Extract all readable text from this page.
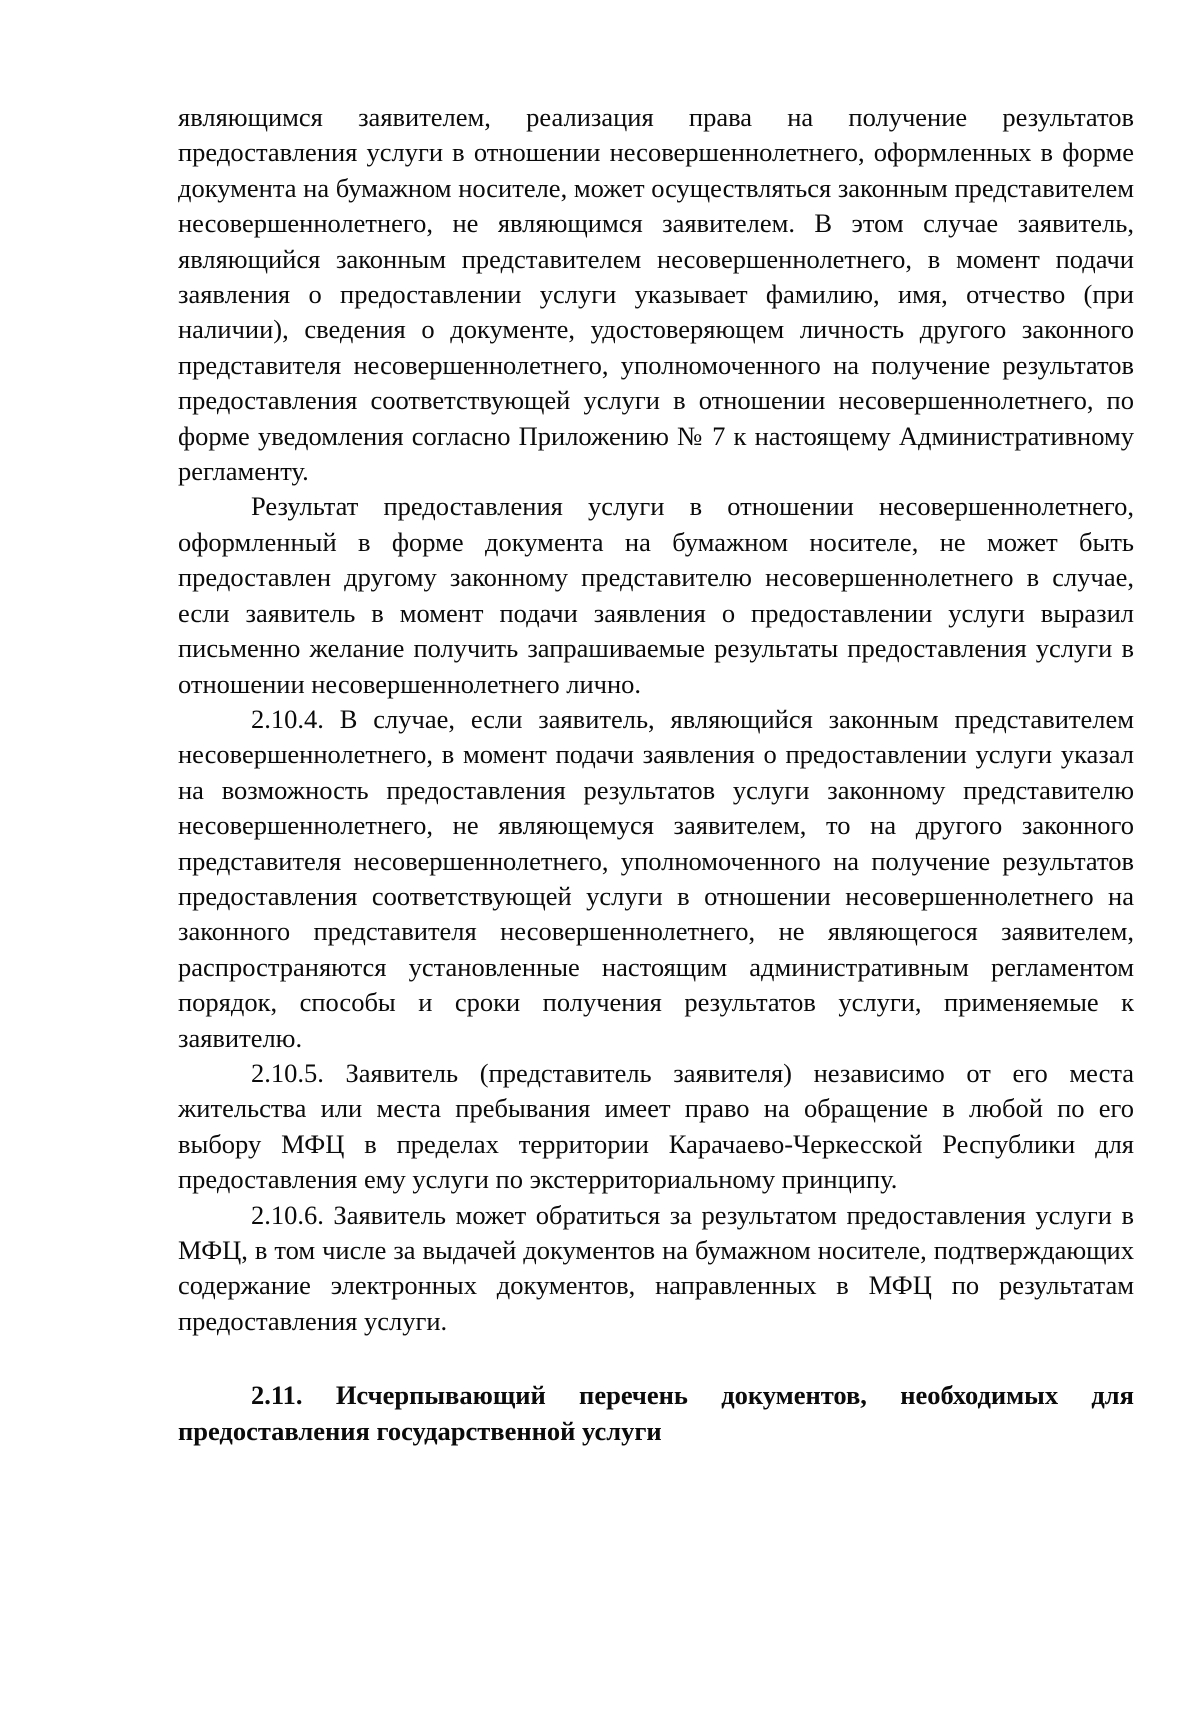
являющимся заявителем, реализация права на получение результатов предоставления услуги в отношении несовершеннолетнего, оформленных в форме документа на бумажном носителе, может осуществляться законным представителем несовершеннолетнего, не являющимся заявителем. В этом случае заявитель, являющийся законным представителем несовершеннолетнего, в момент подачи заявления о предоставлении услуги указывает фамилию, имя, отчество (при наличии), сведения о документе, удостоверяющем личность другого законного представителя несовершеннолетнего, уполномоченного на получение результатов предоставления соответствующей услуги в отношении несовершеннолетнего, по форме уведомления согласно Приложению № 7 к настоящему Административному регламенту.

Результат предоставления услуги в отношении несовершеннолетнего, оформленный в форме документа на бумажном носителе, не может быть предоставлен другому законному представителю несовершеннолетнего в случае, если заявитель в момент подачи заявления о предоставлении услуги выразил письменно желание получить запрашиваемые результаты предоставления услуги в отношении несовершеннолетнего лично.

2.10.4. В случае, если заявитель, являющийся законным представителем несовершеннолетнего, в момент подачи заявления о предоставлении услуги указал на возможность предоставления результатов услуги законному представителю несовершеннолетнего, не являющемуся заявителем, то на другого законного представителя несовершеннолетнего, уполномоченного на получение результатов предоставления соответствующей услуги в отношении несовершеннолетнего на законного представителя несовершеннолетнего, не являющегося заявителем, распространяются установленные настоящим административным регламентом порядок, способы и сроки получения результатов услуги, применяемые к заявителю.

2.10.5. Заявитель (представитель заявителя) независимо от его места жительства или места пребывания имеет право на обращение в любой по его выбору МФЦ в пределах территории Карачаево-Черкесской Республики для предоставления ему услуги по экстерриториальному принципу.

2.10.6. Заявитель может обратиться за результатом предоставления услуги в МФЦ, в том числе за выдачей документов на бумажном носителе, подтверждающих содержание электронных документов, направленных в МФЦ по результатам предоставления услуги.

2.11. Исчерпывающий перечень документов, необходимых для предоставления государственной услуги
